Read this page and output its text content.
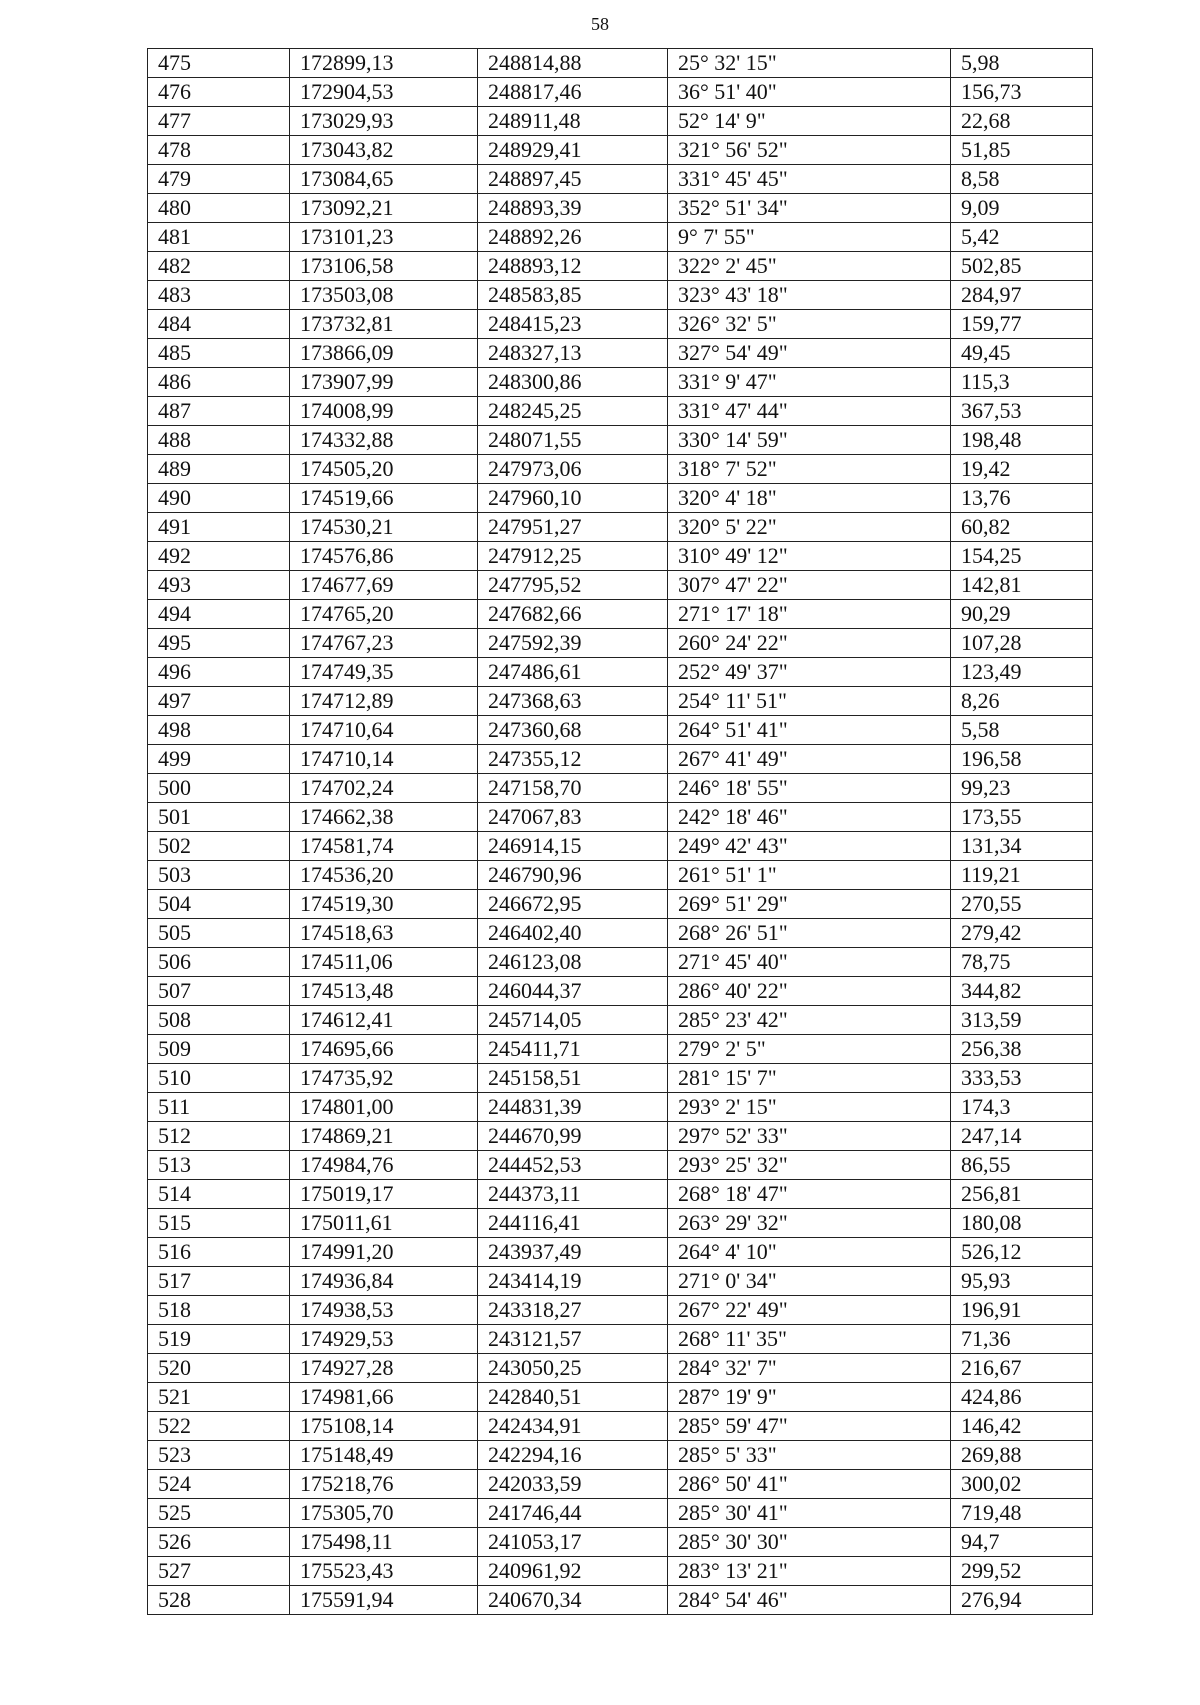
58
475	172899,13	248814,88	25° 32' 15"	5,98
476	172904,53	248817,46	36° 51' 40"	156,73
477	173029,93	248911,48	52° 14' 9"	22,68
478	173043,82	248929,41	321° 56' 52"	51,85
479	173084,65	248897,45	331° 45' 45"	8,58
480	173092,21	248893,39	352° 51' 34"	9,09
481	173101,23	248892,26	9° 7' 55"	5,42
482	173106,58	248893,12	322° 2' 45"	502,85
483	173503,08	248583,85	323° 43' 18"	284,97
484	173732,81	248415,23	326° 32' 5"	159,77
485	173866,09	248327,13	327° 54' 49"	49,45
486	173907,99	248300,86	331° 9' 47"	115,3
487	174008,99	248245,25	331° 47' 44"	367,53
488	174332,88	248071,55	330° 14' 59"	198,48
489	174505,20	247973,06	318° 7' 52"	19,42
490	174519,66	247960,10	320° 4' 18"	13,76
491	174530,21	247951,27	320° 5' 22"	60,82
492	174576,86	247912,25	310° 49' 12"	154,25
493	174677,69	247795,52	307° 47' 22"	142,81
494	174765,20	247682,66	271° 17' 18"	90,29
495	174767,23	247592,39	260° 24' 22"	107,28
496	174749,35	247486,61	252° 49' 37"	123,49
497	174712,89	247368,63	254° 11' 51"	8,26
498	174710,64	247360,68	264° 51' 41"	5,58
499	174710,14	247355,12	267° 41' 49"	196,58
500	174702,24	247158,70	246° 18' 55"	99,23
501	174662,38	247067,83	242° 18' 46"	173,55
502	174581,74	246914,15	249° 42' 43"	131,34
503	174536,20	246790,96	261° 51' 1"	119,21
504	174519,30	246672,95	269° 51' 29"	270,55
505	174518,63	246402,40	268° 26' 51"	279,42
506	174511,06	246123,08	271° 45' 40"	78,75
507	174513,48	246044,37	286° 40' 22"	344,82
508	174612,41	245714,05	285° 23' 42"	313,59
509	174695,66	245411,71	279° 2' 5"	256,38
510	174735,92	245158,51	281° 15' 7"	333,53
511	174801,00	244831,39	293° 2' 15"	174,3
512	174869,21	244670,99	297° 52' 33"	247,14
513	174984,76	244452,53	293° 25' 32"	86,55
514	175019,17	244373,11	268° 18' 47"	256,81
515	175011,61	244116,41	263° 29' 32"	180,08
516	174991,20	243937,49	264° 4' 10"	526,12
517	174936,84	243414,19	271° 0' 34"	95,93
518	174938,53	243318,27	267° 22' 49"	196,91
519	174929,53	243121,57	268° 11' 35"	71,36
520	174927,28	243050,25	284° 32' 7"	216,67
521	174981,66	242840,51	287° 19' 9"	424,86
522	175108,14	242434,91	285° 59' 47"	146,42
523	175148,49	242294,16	285° 5' 33"	269,88
524	175218,76	242033,59	286° 50' 41"	300,02
525	175305,70	241746,44	285° 30' 41"	719,48
526	175498,11	241053,17	285° 30' 30"	94,7
527	175523,43	240961,92	283° 13' 21"	299,52
528	175591,94	240670,34	284° 54' 46"	276,94
